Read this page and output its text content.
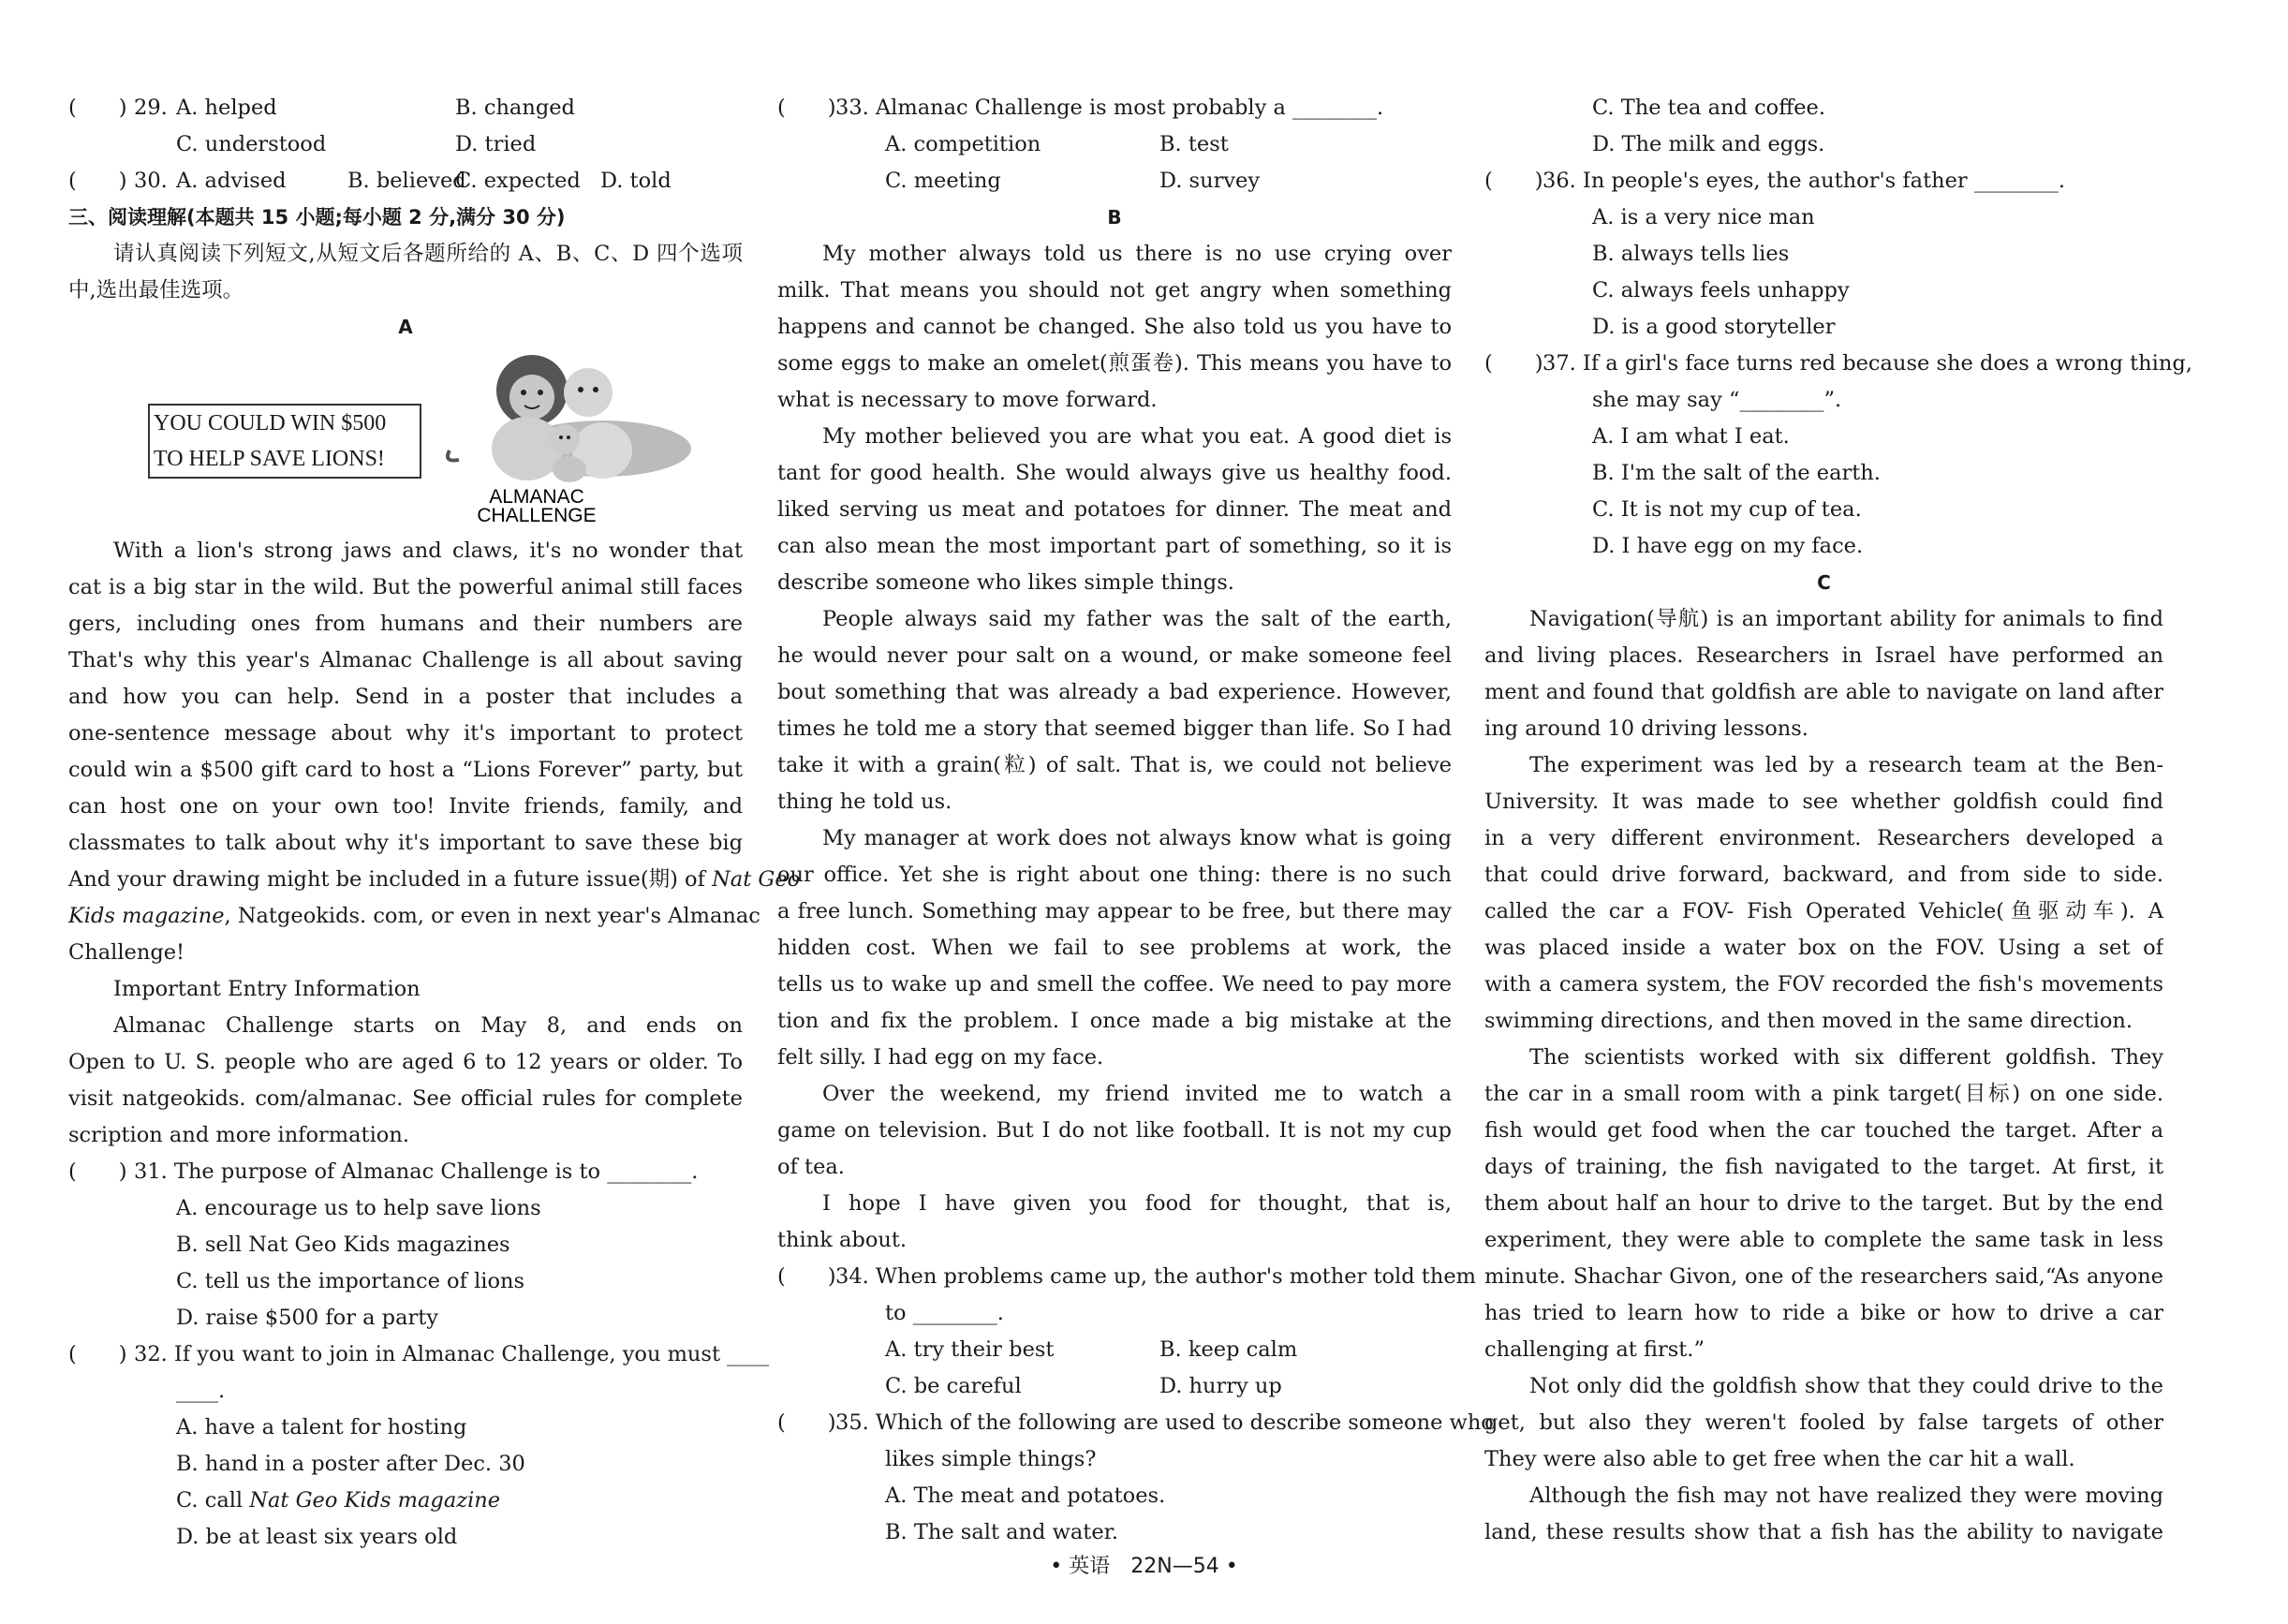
(　　) 29. A. helped	B. changed
C. understood	D. tried
(　　) 30. A. advised	B. believed
C. expected D. told
三、阅读理解(本题共 15 小题;每小题 2 分,满分 30 分)
请认真阅读下列短文,从短文后各题所给的 A、B、C、D 四个选项
中,选出最佳选项。
A
YOU COULD WIN $500
TO HELP SAVE LIONS!
ALMANAC
CHALLENGE
With a lion's strong jaws and claws, it's no wonder that
cat is a big star in the wild. But the powerful animal still faces
gers, including ones from humans and their numbers are
That's why this year's Almanac Challenge is all about saving
and how you can help. Send in a poster that includes a
one-sentence message about why it's important to protect
could win a $500 gift card to host a “Lions Forever” party, but
can host one on your own too! Invite friends, family, and
classmates to talk about why it's important to save these big
And your drawing might be included in a future issue(期) of Nat Geo
Kids magazine, Natgeokids. com, or even in next year's Almanac
Challenge!
Important Entry Information
Almanac Challenge starts on May 8, and ends on
Open to U. S. people who are aged 6 to 12 years or older. To
visit natgeokids. com/almanac. See official rules for complete
scription and more information.
(　　) 31. The purpose of Almanac Challenge is to ________.
A. encourage us to help save lions
B. sell Nat Geo Kids magazines
C. tell us the importance of lions
D. raise $500 for a party
(　　) 32. If you want to join in Almanac Challenge, you must ____
____.
A. have a talent for hosting
B. hand in a poster after Dec. 30
C. call Nat Geo Kids magazine
D. be at least six years old
(　　) 33. Almanac Challenge is most probably a ________.
A. competition	B. test
C. meeting	D. survey
B
My mother always told us there is no use crying over
milk. That means you should not get angry when something
happens and cannot be changed. She also told us you have to
some eggs to make an omelet(煎蛋卷). This means you have to
what is necessary to move forward.
My mother believed you are what you eat. A good diet is
tant for good health. She would always give us healthy food.
liked serving us meat and potatoes for dinner. The meat and
can also mean the most important part of something, so it is
describe someone who likes simple things.
People always said my father was the salt of the earth,
he would never pour salt on a wound, or make someone feel
bout something that was already a bad experience. However,
times he told me a story that seemed bigger than life. So I had
take it with a grain(粒) of salt. That is, we could not believe
thing he told us.
My manager at work does not always know what is going
our office. Yet she is right about one thing: there is no such
a free lunch. Something may appear to be free, but there may
hidden cost. When we fail to see problems at work, the
tells us to wake up and smell the coffee. We need to pay more
tion and fix the problem. I once made a big mistake at the
felt silly. I had egg on my face.
Over the weekend, my friend invited me to watch a
game on television. But I do not like football. It is not my cup
of tea.
I hope I have given you food for thought, that is,
think about.
(　　) 34. When problems came up, the author's mother told them
to ________.
A. try their best	B. keep calm
C. be careful	D. hurry up
(　　) 35. Which of the following are used to describe someone who
likes simple things?
A. The meat and potatoes.
B. The salt and water.
C. The tea and coffee.
D. The milk and eggs.
(　　) 36. In people's eyes, the author's father ________.
A. is a very nice man
B. always tells lies
C. always feels unhappy
D. is a good storyteller
(　　) 37. If a girl's face turns red because she does a wrong thing,
she may say “________”.
A. I am what I eat.
B. I'm the salt of the earth.
C. It is not my cup of tea.
D. I have egg on my face.
C
Navigation(导航) is an important ability for animals to find
and living places. Researchers in Israel have performed an
ment and found that goldfish are able to navigate on land after
ing around 10 driving lessons.
The experiment was led by a research team at the Ben-
University. It was made to see whether goldfish could find
in a very different environment. Researchers developed a
that could drive forward, backward, and from side to side.
called the car a FOV- Fish Operated Vehicle(鱼驱动车). A
was placed inside a water box on the FOV. Using a set of
with a camera system, the FOV recorded the fish's movements
swimming directions, and then moved in the same direction.
The scientists worked with six different goldfish. They
the car in a small room with a pink target(目标) on one side.
fish would get food when the car touched the target. After a
days of training, the fish navigated to the target. At first, it
them about half an hour to drive to the target. But by the end
experiment, they were able to complete the same task in less
minute. Shachar Givon, one of the researchers said,“As anyone
has tried to learn how to ride a bike or how to drive a car
challenging at first.”
Not only did the goldfish show that they could drive to the
get, but also they weren't fooled by false targets of other
They were also able to get free when the car hit a wall.
Although the fish may not have realized they were moving
land, these results show that a fish has the ability to navigate
• 英语　22N—54 •
